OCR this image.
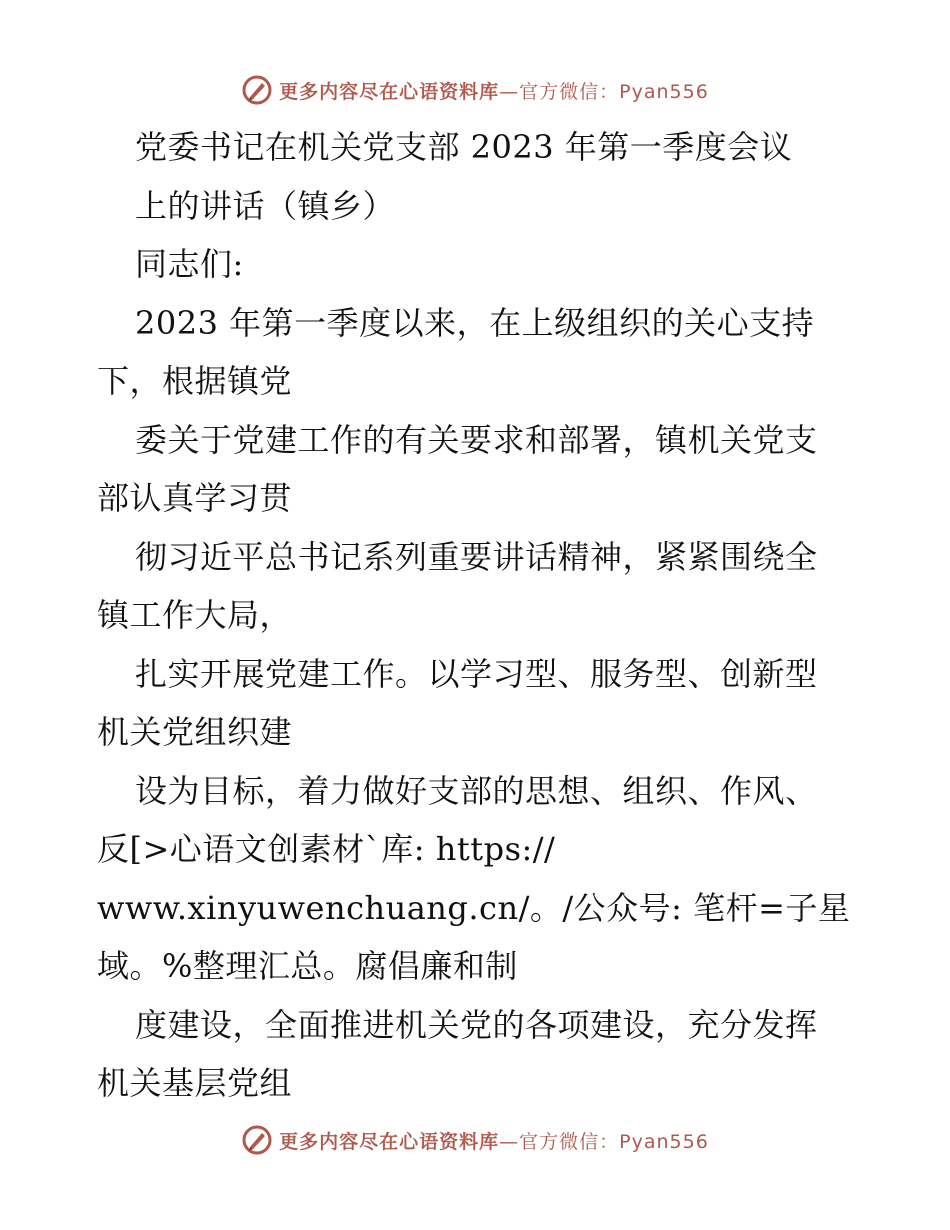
更多内容尽在心语资料库—官方微信：Pyan556
党委书记在机关党支部 2023 年第一季度会议
上的讲话（镇乡）
同志们:
2023 年第一季度以来，在上级组织的关心支持
下，根据镇党
委关于党建工作的有关要求和部署，镇机关党支
部认真学习贯
彻习近平总书记系列重要讲话精神，紧紧围绕全
镇工作大局，
扎实开展党建工作。以学习型、服务型、创新型
机关党组织建
设为目标，着力做好支部的思想、组织、作风、
反[>心语文创素材`库: https://
www.xinyuwenchuang.cn/。/公众号: 笔杆=子星
域。%整理汇总。腐倡廉和制
度建设，全面推进机关党的各项建设，充分发挥
机关基层党组
更多内容尽在心语资料库—官方微信：Pyan556
